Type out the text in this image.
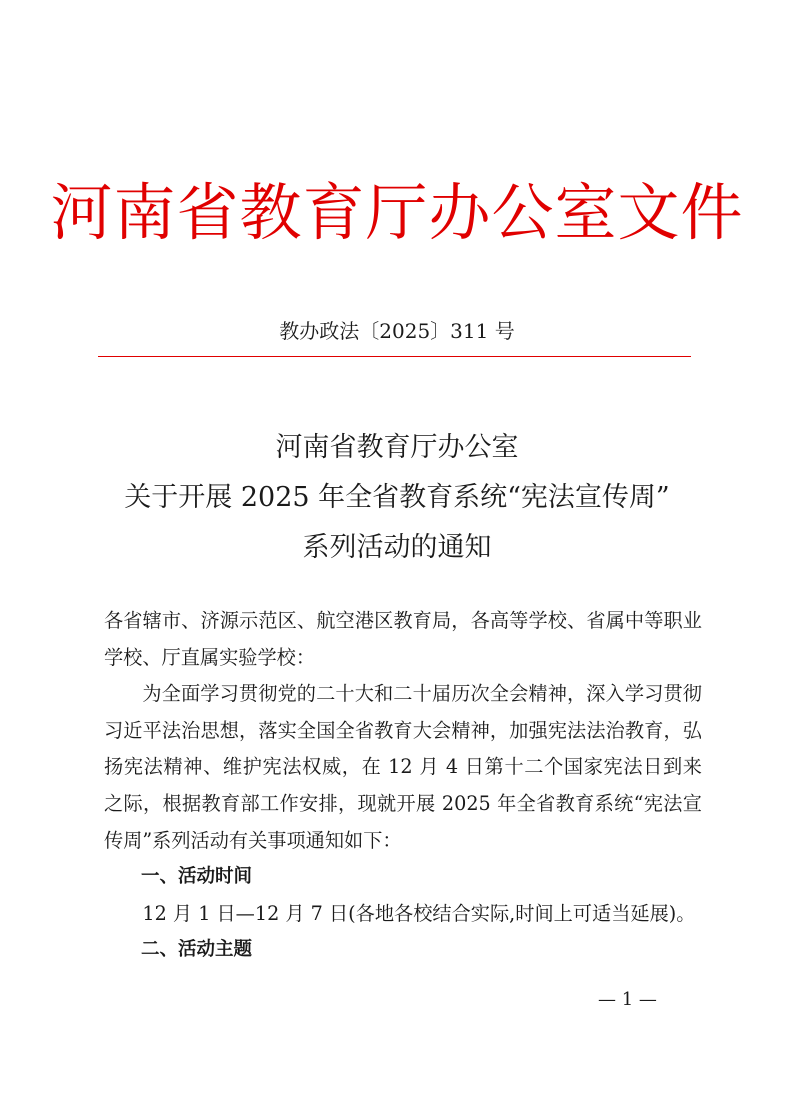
河南省教育厅办公室文件
教办政法〔2025〕311 号
河南省教育厅办公室
关于开展 2025 年全省教育系统“宪法宣传周”
系列活动的通知

各省辖市、济源示范区、航空港区教育局，各高等学校、省属中等职业学校、厅直属实验学校：

为全面学习贯彻党的二十大和二十届历次全会精神，深入学习贯彻习近平法治思想，落实全国全省教育大会精神，加强宪法法治教育，弘扬宪法精神、维护宪法权威，在 12 月 4 日第十二个国家宪法日到来之际，根据教育部工作安排，现就开展 2025 年全省教育系统“宪法宣传周”系列活动有关事项通知如下：

一、活动时间

12 月 1 日—12 月 7 日(各地各校结合实际,时间上可适当延展)。

二、活动主题

— 1 —
